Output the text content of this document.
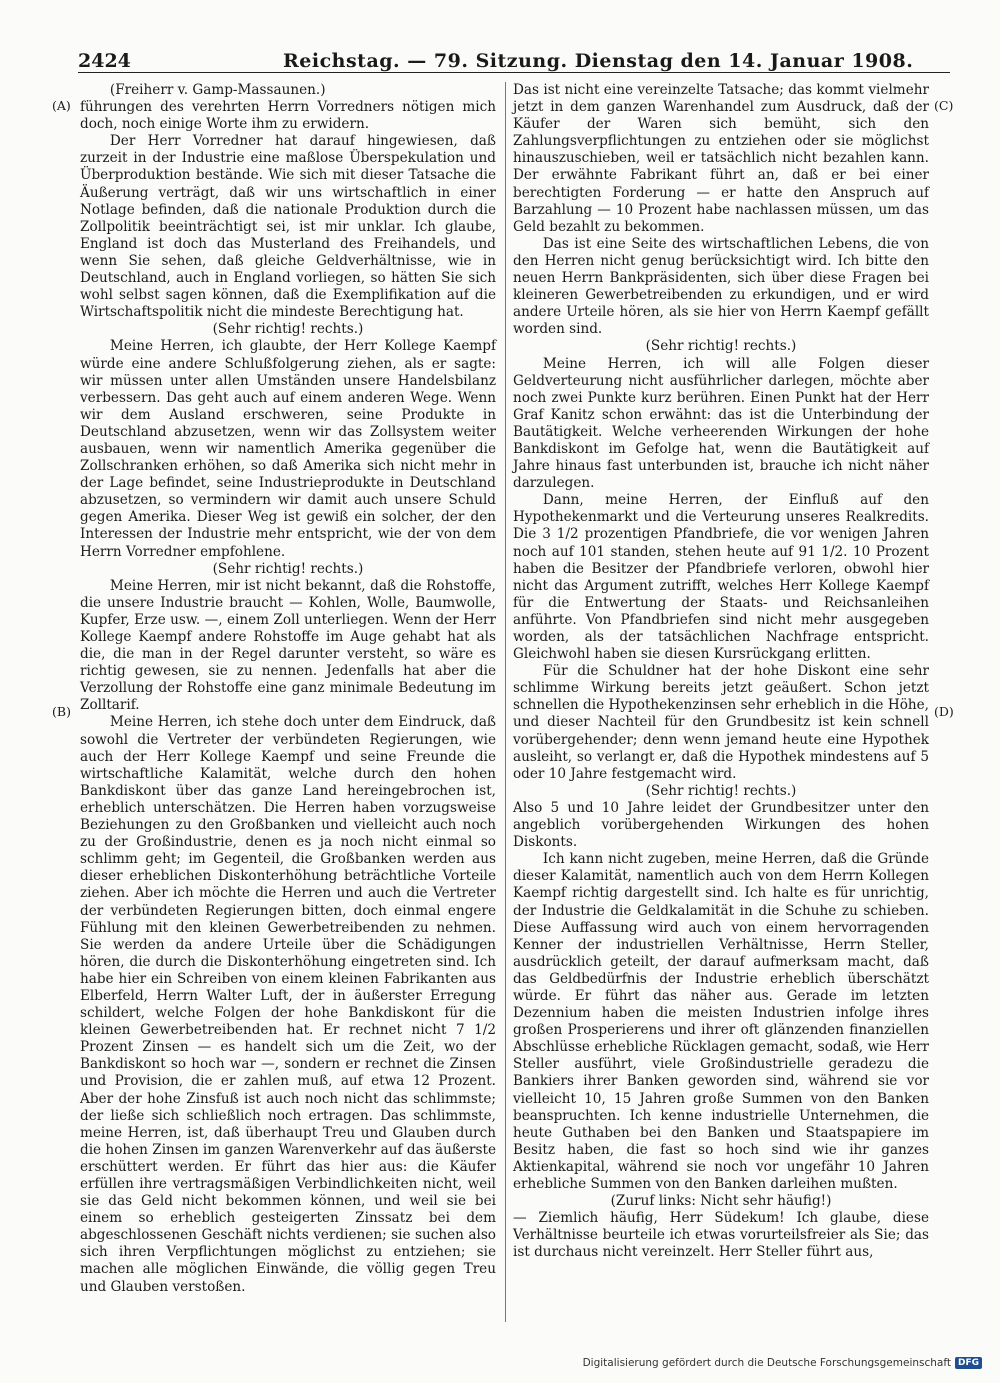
2424	Reichstag. — 79. Sitzung. Dienstag den 14. Januar 1908.
(A)
(B)
(C)
(D)

(Freiherr v. Gamp-Massaunen.)

führungen des verehrten Herrn Vorredners nötigen mich doch, noch einige Worte ihm zu erwidern.

Der Herr Vorredner hat darauf hingewiesen, daß zurzeit in der Industrie eine maßlose Überspekulation und Überproduktion bestände. Wie sich mit dieser Tatsache die Äußerung verträgt, daß wir uns wirtschaftlich in einer Notlage befinden, daß die nationale Produktion durch die Zollpolitik beeinträchtigt sei, ist mir unklar. Ich glaube, England ist doch das Musterland des Freihandels, und wenn Sie sehen, daß gleiche Geldverhältnisse, wie in Deutschland, auch in England vorliegen, so hätten Sie sich wohl selbst sagen können, daß die Exemplifikation auf die Wirtschaftspolitik nicht die mindeste Berechtigung hat.

(Sehr richtig! rechts.)

Meine Herren, ich glaubte, der Herr Kollege Kaempf würde eine andere Schlußfolgerung ziehen, als er sagte: wir müssen unter allen Umständen unsere Handelsbilanz verbessern. Das geht auch auf einem anderen Wege. Wenn wir dem Ausland erschweren, seine Produkte in Deutschland abzusetzen, wenn wir das Zollsystem weiter ausbauen, wenn wir namentlich Amerika gegenüber die Zollschranken erhöhen, so daß Amerika sich nicht mehr in der Lage befindet, seine Industrieprodukte in Deutschland abzusetzen, so vermindern wir damit auch unsere Schuld gegen Amerika. Dieser Weg ist gewiß ein solcher, der den Interessen der Industrie mehr entspricht, wie der von dem Herrn Vorredner empfohlene.

(Sehr richtig! rechts.)

Meine Herren, mir ist nicht bekannt, daß die Rohstoffe, die unsere Industrie braucht — Kohlen, Wolle, Baumwolle, Kupfer, Erze usw. —, einem Zoll unterliegen. Wenn der Herr Kollege Kaempf andere Rohstoffe im Auge gehabt hat als die, die man in der Regel darunter versteht, so wäre es richtig gewesen, sie zu nennen. Jedenfalls hat aber die Verzollung der Rohstoffe eine ganz minimale Bedeutung im Zolltarif.

Meine Herren, ich stehe doch unter dem Eindruck, daß sowohl die Vertreter der verbündeten Regierungen, wie auch der Herr Kollege Kaempf und seine Freunde die wirtschaftliche Kalamität, welche durch den hohen Bankdiskont über das ganze Land hereingebrochen ist, erheblich unterschätzen. Die Herren haben vorzugsweise Beziehungen zu den Großbanken und vielleicht auch noch zu der Großindustrie, denen es ja noch nicht einmal so schlimm geht; im Gegenteil, die Großbanken werden aus dieser erheblichen Diskonterhöhung beträchtliche Vorteile ziehen. Aber ich möchte die Herren und auch die Vertreter der verbündeten Regierungen bitten, doch einmal engere Fühlung mit den kleinen Gewerbetreibenden zu nehmen. Sie werden da andere Urteile über die Schädigungen hören, die durch die Diskonterhöhung eingetreten sind. Ich habe hier ein Schreiben von einem kleinen Fabrikanten aus Elberfeld, Herrn Walter Luft, der in äußerster Erregung schildert, welche Folgen der hohe Bankdiskont für die kleinen Gewerbetreibenden hat. Er rechnet nicht 7 1/2 Prozent Zinsen — es handelt sich um die Zeit, wo der Bankdiskont so hoch war —, sondern er rechnet die Zinsen und Provision, die er zahlen muß, auf etwa 12 Prozent. Aber der hohe Zinsfuß ist auch noch nicht das schlimmste; der ließe sich schließlich noch ertragen. Das schlimmste, meine Herren, ist, daß überhaupt Treu und Glauben durch die hohen Zinsen im ganzen Warenverkehr auf das äußerste erschüttert werden. Er führt das hier aus: die Käufer erfüllen ihre vertragsmäßigen Verbindlichkeiten nicht, weil sie das Geld nicht bekommen können, und weil sie bei einem so erheblich gesteigerten Zinssatz bei dem abgeschlossenen Geschäft nichts verdienen; sie suchen also sich ihren Verpflichtungen möglichst zu entziehen; sie machen alle möglichen Einwände, die völlig gegen Treu und Glauben verstoßen.

Das ist nicht eine vereinzelte Tatsache; das kommt vielmehr jetzt in dem ganzen Warenhandel zum Ausdruck, daß der Käufer der Waren sich bemüht, sich den Zahlungsverpflichtungen zu entziehen oder sie möglichst hinauszuschieben, weil er tatsächlich nicht bezahlen kann. Der erwähnte Fabrikant führt an, daß er bei einer berechtigten Forderung — er hatte den Anspruch auf Barzahlung — 10 Prozent habe nachlassen müssen, um das Geld bezahlt zu bekommen.

Das ist eine Seite des wirtschaftlichen Lebens, die von den Herren nicht genug berücksichtigt wird. Ich bitte den neuen Herrn Bankpräsidenten, sich über diese Fragen bei kleineren Gewerbetreibenden zu erkundigen, und er wird andere Urteile hören, als sie hier von Herrn Kaempf gefällt worden sind.

(Sehr richtig! rechts.)

Meine Herren, ich will alle Folgen dieser Geldverteurung nicht ausführlicher darlegen, möchte aber noch zwei Punkte kurz berühren. Einen Punkt hat der Herr Graf Kanitz schon erwähnt: das ist die Unterbindung der Bautätigkeit. Welche verheerenden Wirkungen der hohe Bankdiskont im Gefolge hat, wenn die Bautätigkeit auf Jahre hinaus fast unterbunden ist, brauche ich nicht näher darzulegen.

Dann, meine Herren, der Einfluß auf den Hypothekenmarkt und die Verteurung unseres Realkredits. Die 3 1/2 prozentigen Pfandbriefe, die vor wenigen Jahren noch auf 101 standen, stehen heute auf 91 1/2. 10 Prozent haben die Besitzer der Pfandbriefe verloren, obwohl hier nicht das Argument zutrifft, welches Herr Kollege Kaempf für die Entwertung der Staats- und Reichsanleihen anführte. Von Pfandbriefen sind nicht mehr ausgegeben worden, als der tatsächlichen Nachfrage entspricht. Gleichwohl haben sie diesen Kursrückgang erlitten.

Für die Schuldner hat der hohe Diskont eine sehr schlimme Wirkung bereits jetzt geäußert. Schon jetzt schnellen die Hypothekenzinsen sehr erheblich in die Höhe, und dieser Nachteil für den Grundbesitz ist kein schnell vorübergehender; denn wenn jemand heute eine Hypothek ausleiht, so verlangt er, daß die Hypothek mindestens auf 5 oder 10 Jahre festgemacht wird.

(Sehr richtig! rechts.)

Also 5 und 10 Jahre leidet der Grundbesitzer unter den angeblich vorübergehenden Wirkungen des hohen Diskonts.

Ich kann nicht zugeben, meine Herren, daß die Gründe dieser Kalamität, namentlich auch von dem Herrn Kollegen Kaempf richtig dargestellt sind. Ich halte es für unrichtig, der Industrie die Geldkalamität in die Schuhe zu schieben. Diese Auffassung wird auch von einem hervorragenden Kenner der industriellen Verhältnisse, Herrn Steller, ausdrücklich geteilt, der darauf aufmerksam macht, daß das Geldbedürfnis der Industrie erheblich überschätzt würde. Er führt das näher aus. Gerade im letzten Dezennium haben die meisten Industrien infolge ihres großen Prosperierens und ihrer oft glänzenden finanziellen Abschlüsse erhebliche Rücklagen gemacht, sodaß, wie Herr Steller ausführt, viele Großindustrielle geradezu die Bankiers ihrer Banken geworden sind, während sie vor vielleicht 10, 15 Jahren große Summen von den Banken beanspruchten. Ich kenne industrielle Unternehmen, die heute Guthaben bei den Banken und Staatspapiere im Besitz haben, die fast so hoch sind wie ihr ganzes Aktienkapital, während sie noch vor ungefähr 10 Jahren erhebliche Summen von den Banken darleihen mußten.

(Zuruf links: Nicht sehr häufig!)

— Ziemlich häufig, Herr Südekum! Ich glaube, diese Verhältnisse beurteile ich etwas vorurteilsfreier als Sie; das ist durchaus nicht vereinzelt. Herr Steller führt aus,

Digitalisierung gefördert durch die Deutsche Forschungsgemeinschaft DFG
